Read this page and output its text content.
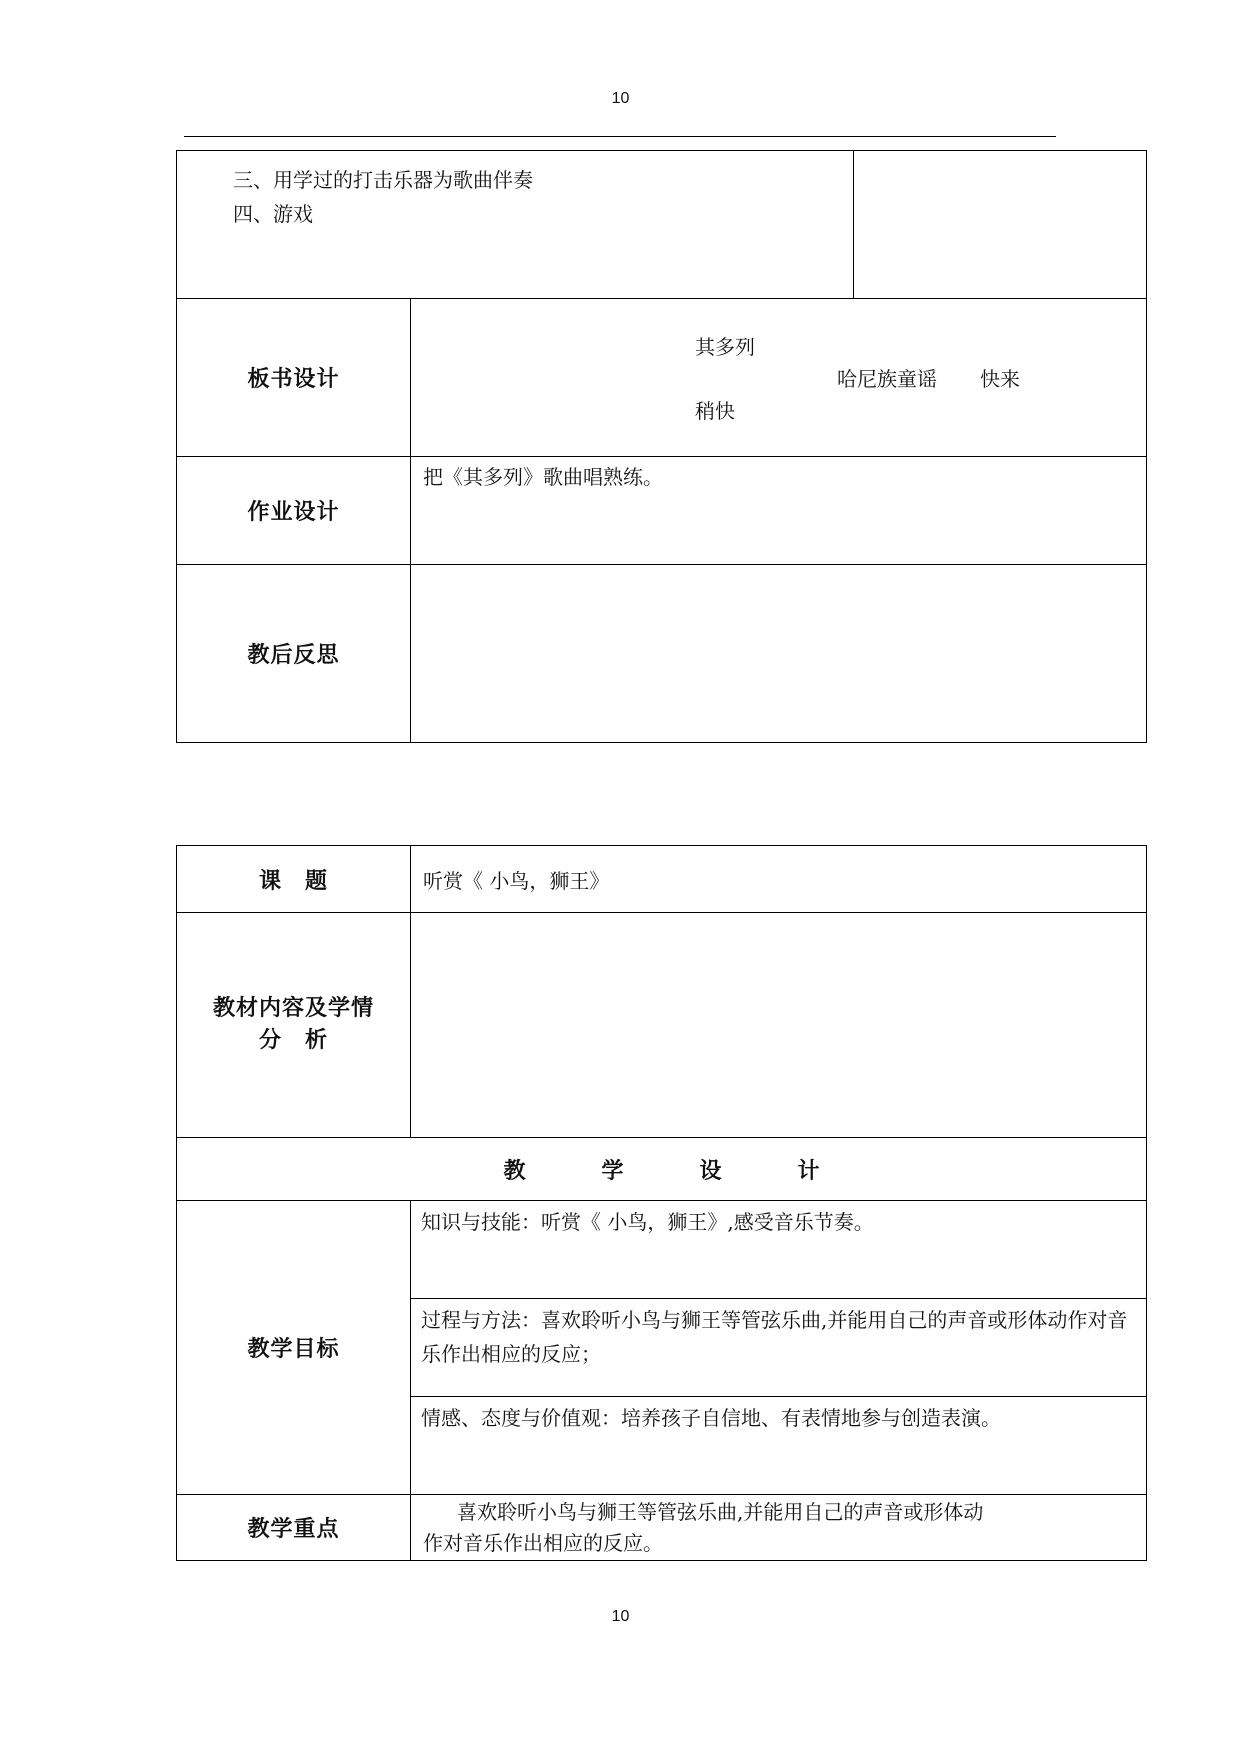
10
三、用学过的打击乐器为歌曲伴奏
四、游戏		

板书设计	其多列
哈尼族童谣 快来
稍快	

作业设计	把《其多列》歌曲唱熟练。	

教后反思		
课　题	听赏《 小鸟，狮王》

教材内容及学情
分　析	

教 学 设 计	
教学目标	知识与技能：听赏《 小鸟，狮王》,感受音乐节奏。

	过程与方法：喜欢聆听小鸟与狮王等管弦乐曲,并能用自己的声音或形体动作对音乐作出相应的反应；

	情感、态度与价值观：培养孩子自信地、有表情地参与创造表演。

教学重点	喜欢聆听小鸟与狮王等管弦乐曲,并能用自己的声音或形体动
作对音乐作出相应的反应。
10
